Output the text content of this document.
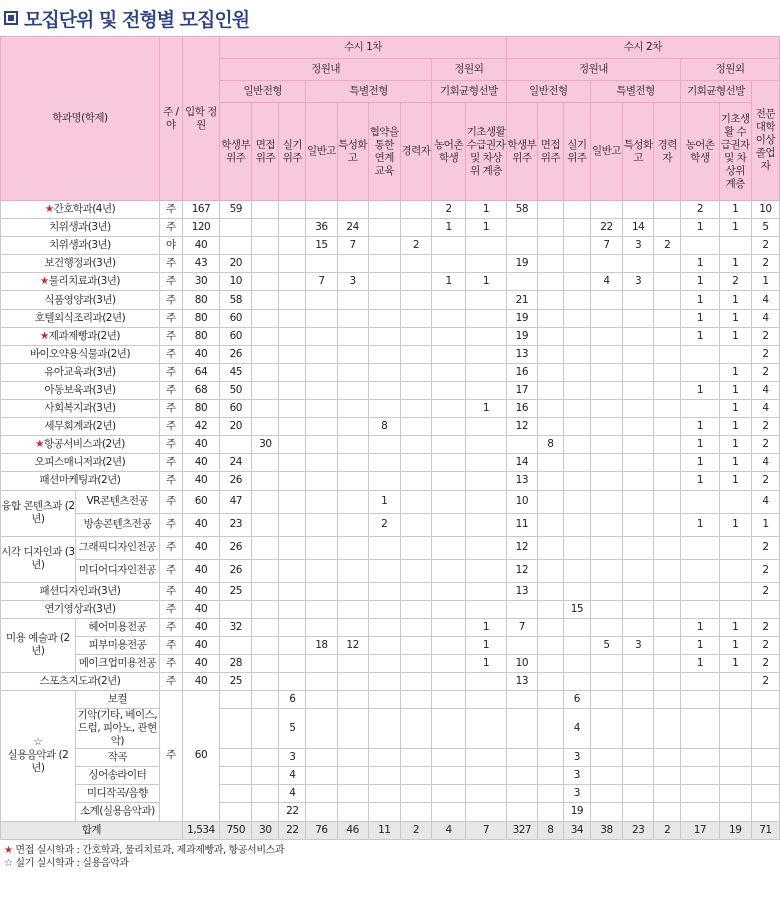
모집단위 및 전형별 모집인원
학과명(학제)		주 / 야	입학 정원	수시 1차									수시 2차								
				정원내							정원외		정원내						정원외		
				일반전형			특별전형				기회균형선발		일반전형			특별전형			기회균형선발		전문 대학 이상 졸업자
				학생부 위주	면접 위주	실기 위주	일반고	특성화 고	협약을 통한 연계 교육	경력자	농어촌 학생	기초생활 수급권자 및 차상위 계층	학생부 위주	면접 위주	실기 위주	일반고	특성화 고	경력자	농어촌 학생	기초생활 수급권자 및 차상위 계층	

★간호학과(4년)		주	167	59							2	1	58						2	1	10
치위생과(3년)		주	120				36	24			1	1				22	14		1	1	5
치위생과(3년)		야	40				15	7		2						7	3	2			2
보건행정과(3년)		주	43	20									19						1	1	2
★물리치료과(3년)		주	30	10			7	3			1	1				4	3		1	2	1
식품영양과(3년)		주	80	58									21						1	1	4
호텔외식조리과(2년)		주	80	60									19						1	1	4
★제과제빵과(2년)		주	80	60									19						1	1	2
바이오약용식물과(2년)		주	40	26									13								2
유아교육과(3년)		주	64	45									16							1	2
아동보육과(3년)		주	68	50									17						1	1	4
사회복지과(3년)		주	80	60								1	16							1	4
세무회계과(2년)		주	42	20					8				12						1	1	2
★항공서비스과(2년)		주	40		30									8					1	1	2
오피스매니저과(2년)		주	40	24									14						1	1	4
패션마케팅과(2년)		주	40	26									13						1	1	2
융합 콘텐츠과 (2년)	VR콘텐츠전공	주	60	47					1				10								4
	방송콘텐츠전공	주	40	23					2				11						1	1	1
시각 디자인과 (3년)	그래픽디자인전공	주	40	26									12								2
	미디어디자인전공	주	40	26									12								2
패션디자인과(3년)		주	40	25									13								2
연기영상과(3년)		주	40												15						
미용 예술과 (2년)	헤어미용전공	주	40	32								1	7						1	1	2
	피부미용전공	주	40				18	12				1				5	3		1	1	2
	메이크업미용전공	주	40	28								1	10						1	1	2
스포츠지도과(2년)		주	40	25									13								2

☆
실용음악과 (2년)	보컬	주	60			6									6						
	기악(기타, 베이스, 드럼, 피아노, 관현악)					5									4						
	작곡					3									3						
	싱어송라이터					4									3						
	미디작곡/음향					4									3						
	소계(실용음악과)					22									19						
합계			1,534	750	30	22	76	46	11	2	4	7	327	8	34	38	23	2	17	19	71
★ 면접 실시학과 : 간호학과, 물리치료과, 제과제빵과, 항공서비스과
☆ 실기 실시학과 : 실용음악과
